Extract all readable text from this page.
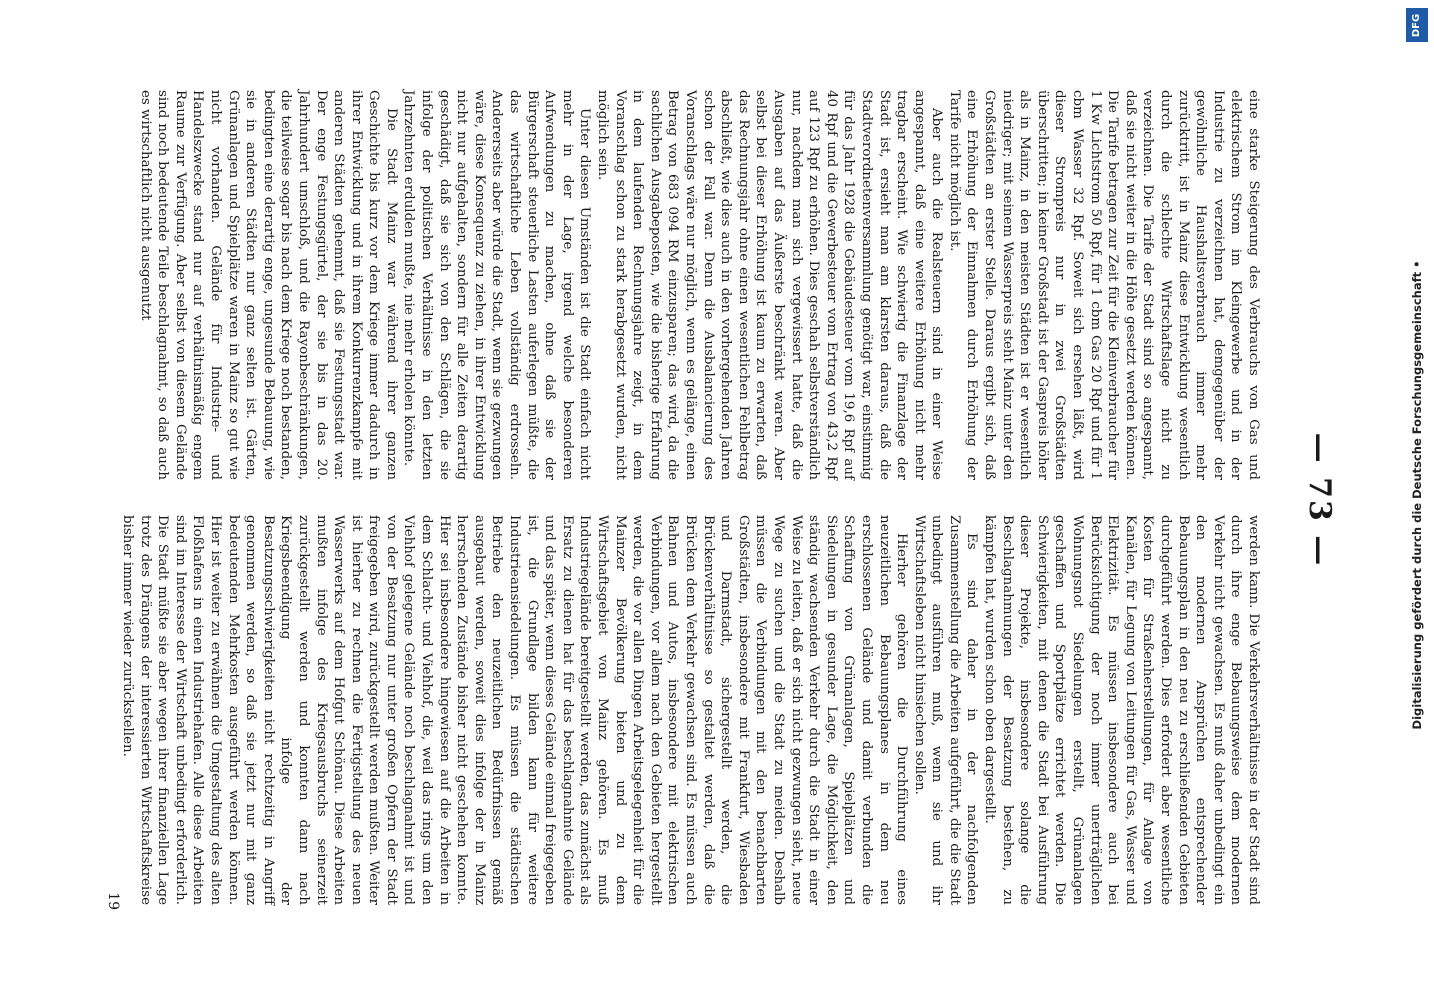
— 73 —

eine starke Steigerung des Verbrauchs von Gas und elektrischem Strom im Kleingewerbe und in der Industrie zu verzeichnen hat, demgegenüber der gewöhnliche Haushaltsverbrauch immer mehr zurücktritt, ist in Mainz diese Entwicklung wesentlich durch die schlechte Wirtschaftslage nicht zu verzeichnen. Die Tarife der Stadt sind so angespannt, daß sie nicht weiter in die Höhe gesetzt werden können. Die Tarife betragen zur Zeit für die Kleinverbraucher für 1 Kw Lichtstrom 50 Rpf, für 1 cbm Gas 20 Rpf und für 1 cbm Wasser 32 Rpf. Soweit sich ersehen läßt, wird dieser Strompreis nur in zwei Großstädten überschritten; in keiner Großstadt ist der Gaspreis höher als in Mainz, in den meisten Städten ist er wesentlich niedriger; mit seinem Wasserpreis steht Mainz unter den Großstädten an erster Stelle. Daraus ergibt sich, daß eine Erhöhung der Einnahmen durch Erhöhung der Tarife nicht möglich ist.

Aber auch die Realsteuern sind in einer Weise angespannt, daß eine weitere Erhöhung nicht mehr tragbar erscheint. Wie schwierig die Finanzlage der Stadt ist, ersieht man am klarsten daraus, daß die Stadtverordnetenversammlung genötigt war, einstimmig für das Jahr 1928 die Gebäudesteuer vom 19,6 Rpf auf 40 Rpf und die Gewerbesteuer vom Ertrag von 43,2 Rpf auf 123 Rpf zu erhöhen. Dies geschah selbstverständlich nur, nachdem man sich vergewissert hatte, daß die Ausgaben auf das Äußerste beschränkt waren. Aber selbst bei dieser Erhöhung ist kaum zu erwarten, daß das Rechnungsjahr ohne einen wesentlichen Fehlbetrag abschließt, wie dies auch in den vorhergehenden Jahren schon der Fall war. Denn die Ausbalancierung des Voranschlags wäre nur möglich, wenn es gelänge, einen Betrag von 683 094 RM einzusparen; das wird, da die sachlichen Ausgabeposten, wie die bisherige Erfahrung in dem laufenden Rechnungsjahre zeigt, in dem Voranschlag schon zu stark herabgesetzt wurden, nicht möglich sein.

Unter diesen Umständen ist die Stadt einfach nicht mehr in der Lage, irgend welche besonderen Aufwendungen zu machen, ohne daß sie der Bürgerschaft steuerliche Lasten auferlegen müßte, die das wirtschaftliche Leben vollständig erdrosseln. Andererseits aber würde die Stadt, wenn sie gezwungen wäre, diese Konsequenz zu ziehen, in ihrer Entwicklung nicht nur aufgehalten, sondern für alle Zeiten derartig geschädigt, daß sie sich von den Schlägen, die sie infolge der politischen Verhältnisse in den letzten Jahrzehnten erdulden mußte, nie mehr erholen könnte.

Die Stadt Mainz war während ihrer ganzen Geschichte bis kurz vor dem Kriege immer dadurch in ihrer Entwicklung und in ihrem Konkurrenzkampfe mit anderen Städten gehemmt, daß sie Festungsstadt war. Der enge Festungsgürtel, der sie bis in das 20. Jahrhundert umschloß, und die Rayonbeschränkungen, die teilweise sogar bis nach dem Kriege noch bestanden, bedingten eine derartig enge, ungesunde Bebauung, wie sie in anderen Städten nur ganz selten ist. Gärten, Grünanlagen und Spielplätze waren in Mainz so gut wie nicht vorhanden. Gelände für Industrie- und Handelszwecke stand nur auf verhältnismäßig engem Raume zur Verfügung. Aber selbst von diesem Gelände sind noch bedeutende Teile beschlagnahmt, so daß auch es wirtschaftlich nicht ausgenutzt

werden kann. Die Verkehrsverhältnisse in der Stadt sind durch ihre enge Bebauungsweise dem modernen Verkehr nicht gewachsen. Es muß daher unbedingt ein den modernen Ansprüchen entsprechender Bebauungsplan in den neu zu erschließenden Gebieten durchgeführt werden. Dies erfordert aber wesentliche Kosten für Straßenherstellungen, für Anlage von Kanälen, für Legung von Leitungen für Gas, Wasser und Elektrizität. Es müssen insbesondere auch bei Berücksichtigung der noch immer unerträglichen Wohnungsnot Siedelungen erstellt, Grünanlagen geschaffen und Sportplätze errichtet werden. Die Schwierigkeiten, mit denen die Stadt bei Ausführung dieser Projekte, insbesondere solange die Beschlagnahmungen der Besatzung bestehen, zu kämpfen hat, wurden schon oben dargestellt.

Es sind daher in der nachfolgenden Zusammenstellung die Arbeiten aufgeführt, die die Stadt unbedingt ausführen muß, wenn sie und ihr Wirtschaftsleben nicht hinsiechen sollen.

Hierher gehören die Durchführung eines neuzeitlichen Bebauungsplanes in dem neu erschlossenen Gelände und damit verbunden die Schaffung von Grünanlagen, Spielplätzen und Siedelungen in gesunder Lage, die Möglichkeit, den ständig wachsenden Verkehr durch die Stadt in einer Weise zu leiten, daß er sich nicht gezwungen sieht, neue Wege zu suchen und die Stadt zu meiden. Deshalb müssen die Verbindungen mit den benachbarten Großstädten, insbesondere mit Frankfurt, Wiesbaden und Darmstadt, sichergestellt werden, die Brückenverhältnisse so gestaltet werden, daß die Brücken dem Verkehr gewachsen sind. Es müssen auch Bahnen und Autos, insbesondere mit elektrischen Verbindungen, vor allem nach den Gebieten hergestellt werden, die vor allen Dingen Arbeitsgelegenheit für die Mainzer Bevölkerung bieten und zu dem Wirtschaftsgebiet von Mainz gehören. Es muß Industriegelände bereitgestellt werden, das zunächst als Ersatz zu dienen hat für das beschlagnahmte Gelände und das später, wenn dieses Gelände einmal freigegeben ist, die Grundlage bilden kann für weitere Industrieansiedelungen. Es müssen die städtischen Betriebe den neuzeitlichen Bedürfnissen gemäß ausgebaut werden, soweit dies infolge der in Mainz herrschenden Zustände bisher nicht geschehen konnte. Hier sei insbesondere hingewiesen auf die Arbeiten in dem Schlacht- und Viehhof, die, weil das rings um den Viehhof gelegene Gelände noch beschlagnahmt ist und von der Besatzung nur unter großen Opfern der Stadt freigegeben wird, zurückgestellt werden mußten. Weiter ist hierher zu rechnen die Fertigstellung des neuen Wasserwerks auf dem Hofgut Schönau. Diese Arbeiten mußten infolge des Kriegsausbruchs seinerzeit zurückgestellt werden und konnten dann nach Kriegsbeendigung infolge der Besatzungsschwierigkeiten nicht rechtzeitig in Angriff genommen werden, so daß sie jetzt nur mit ganz bedeutenden Mehrkosten ausgeführt werden können. Hier ist weiter zu erwähnen die Umgestaltung des alten Floßhafens in einen Industriehafen. Alle diese Arbeiten sind im Interesse der Wirtschaft unbedingt erforderlich. Die Stadt müßte sie aber wegen ihrer finanziellen Lage trotz des Drängens der interessierten Wirtschaftskreise bisher immer wieder zurückstellen.

19
DFG
Digitalisierung gefördert durch die Deutsche Forschungsgemeinschaft •
